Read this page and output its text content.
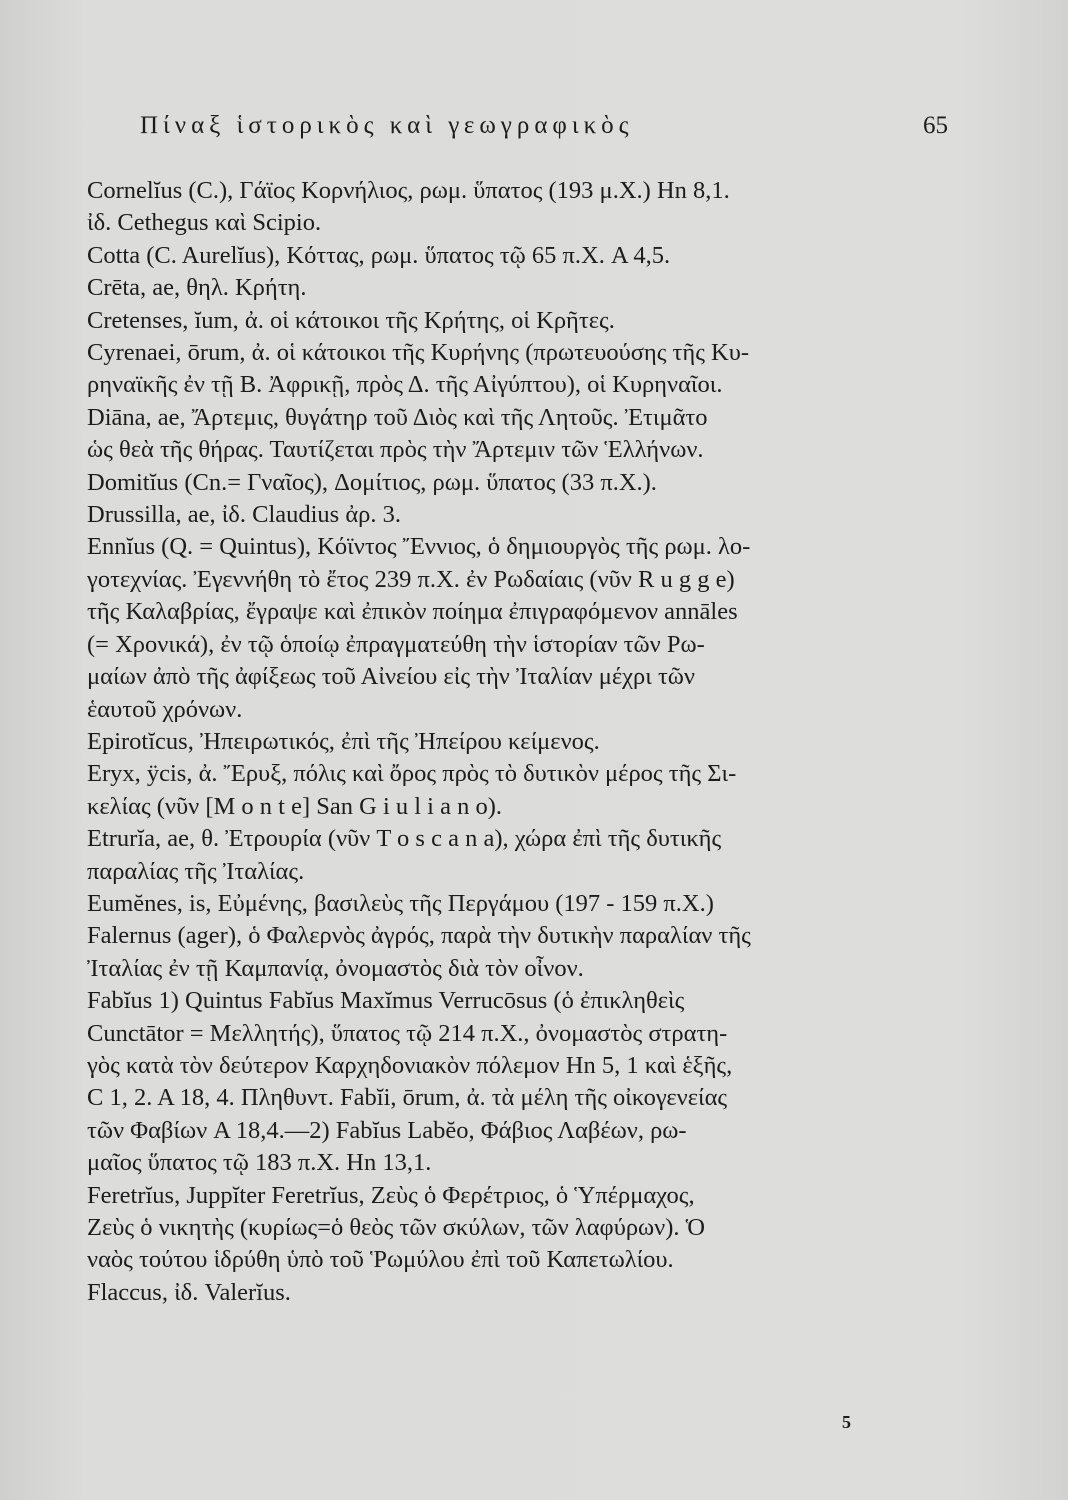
Πίναξ ἱστορικὸς καὶ γεωγραφικὸς	65
Cornelĭus (C.), Γάϊος Κορνήλιος, ρωμ. ὕπατος (193 μ.Χ.) Hn 8,1.
ἰδ. Cethegus καὶ Scipio.
Cotta (C. Aurelĭus), Κόττας, ρωμ. ὕπατος τῷ 65 π.Χ. A 4,5.
Crēta, ae, θηλ. Κρήτη.
Cretenses, ĭum, ἀ. οἱ κάτοικοι τῆς Κρήτης, οἱ Κρῆτες.
Cyrenaei, ōrum, ἀ. οἱ κάτοικοι τῆς Κυρήνης (πρωτευούσης τῆς Κυ-
ρηναϊκῆς ἐν τῇ Β. Ἀφρικῇ, πρὸς Δ. τῆς Αἰγύπτου), οἱ Κυρηναῖοι.
Diāna, ae, Ἄρτεμις, θυγάτηρ τοῦ Διὸς καὶ τῆς Λητοῦς. Ἐτιμᾶτο
ὡς θεὰ τῆς θήρας. Ταυτίζεται πρὸς τὴν Ἄρτεμιν τῶν Ἑλλήνων.
Domitĭus (Cn.= Γναῖος), Δομίτιος, ρωμ. ὕπατος (33 π.Χ.).
Drussilla, ae, ἰδ. Claudius ἀρ. 3.
Ennĭus (Q. = Quintus), Κόϊντος Ἔννιος, ὁ δημιουργὸς τῆς ρωμ. λο-
γοτεχνίας. Ἐγεννήθη τὸ ἔτος 239 π.Χ. ἐν Ρωδαίαις (νῦν R u g g e)
τῆς Καλαβρίας, ἔγραψε καὶ ἐπικὸν ποίημα ἐπιγραφόμενον annāles
(= Χρονικά), ἐν τῷ ὁποίῳ ἐπραγματεύθη τὴν ἱστορίαν τῶν Ρω-
μαίων ἀπὸ τῆς ἀφίξεως τοῦ Αἰνείου εἰς τὴν Ἰταλίαν μέχρι τῶν
ἑαυτοῦ χρόνων.
Epirotĭcus, Ἠπειρωτικός, ἐπὶ τῆς Ἠπείρου κείμενος.
Eryx, ÿcis, ἀ. Ἔρυξ, πόλις καὶ ὄρος πρὸς τὸ δυτικὸν μέρος τῆς Σι-
κελίας (νῦν [M o n t e] San G i u l i a n o).
Etrurĭa, ae, θ. Ἐτρουρία (νῦν T o s c a n a), χώρα ἐπὶ τῆς δυτικῆς
παραλίας τῆς Ἰταλίας.
Eumĕnes, is, Εὐμένης, βασιλεὺς τῆς Περγάμου (197 - 159 π.Χ.)
Falernus (ager), ὁ Φαλερνὸς ἀγρός, παρὰ τὴν δυτικὴν παραλίαν τῆς
Ἰταλίας ἐν τῇ Καμπανίᾳ, ὀνομαστὸς διὰ τὸν οἶνον.
Fabĭus 1) Quintus Fabĭus Maxĭmus Verrucōsus (ὁ ἐπικληθεὶς
Cunctātor = Μελλητής), ὕπατος τῷ 214 π.Χ., ὀνομαστὸς στρατη-
γὸς κατὰ τὸν δεύτερον Καρχηδονιακὸν πόλεμον Hn 5, 1 καὶ ἑξῆς,
C 1, 2. A 18, 4. Πληθυντ. Fabĭi, ōrum, ἀ. τὰ μέλη τῆς οἰκογενείας
τῶν Φαβίων A 18,4.—2) Fabĭus Labĕo, Φάβιος Λαβέων, ρω-
μαῖος ὕπατος τῷ 183 π.Χ. Hn 13,1.
Feretrĭus, Juppĭter Feretrĭus, Ζεὺς ὁ Φερέτριος, ὁ Ὑπέρμαχος,
Ζεὺς ὁ νικητὴς (κυρίως=ὁ θεὸς τῶν σκύλων, τῶν λαφύρων). Ὁ
ναὸς τούτου ἱδρύθη ὑπὸ τοῦ Ῥωμύλου ἐπὶ τοῦ Καπετωλίου.
Flaccus, ἰδ. Valerĭus.
5
